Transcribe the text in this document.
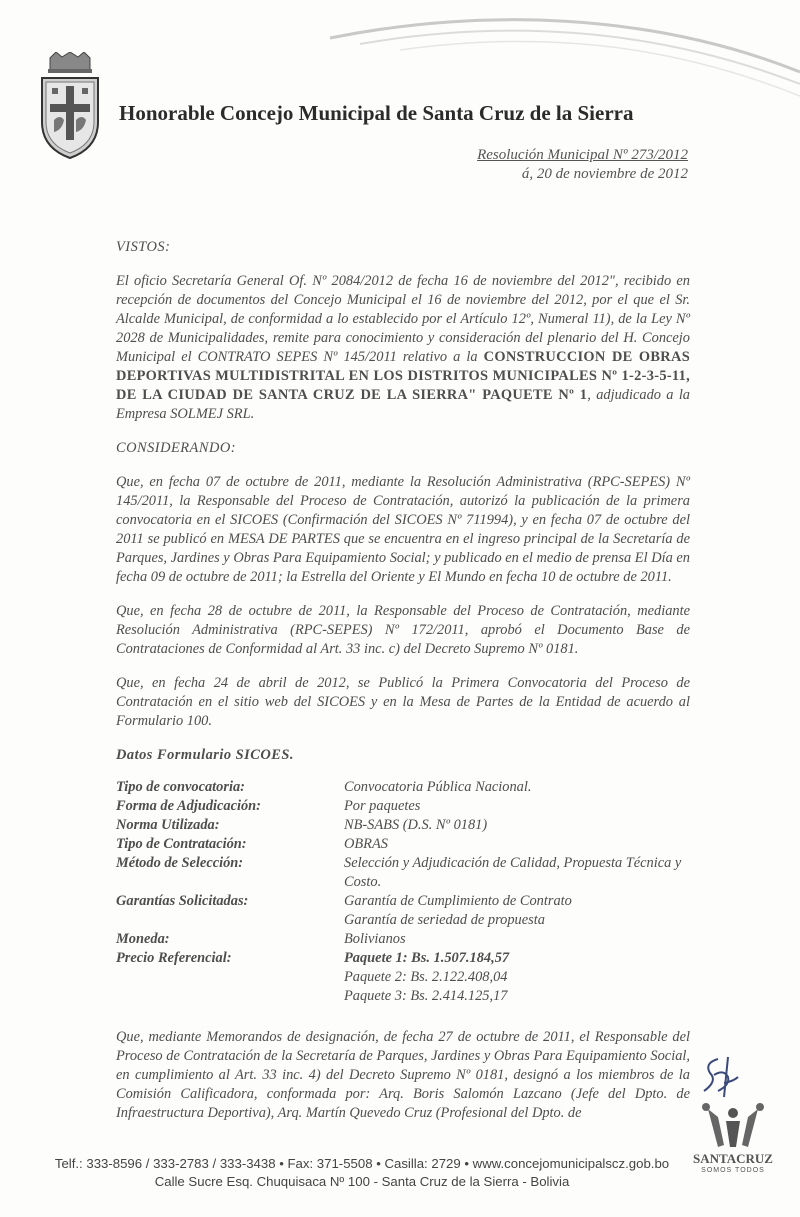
Honorable Concejo Municipal de Santa Cruz de la Sierra
Resolución Municipal Nº 273/2012
á, 20 de noviembre de 2012

VISTOS:

El oficio Secretaría General Of. Nº 2084/2012 de fecha 16 de noviembre del 2012", recibido en recepción de documentos del Concejo Municipal el 16 de noviembre del 2012, por el que el Sr. Alcalde Municipal, de conformidad a lo establecido por el Artículo 12º, Numeral 11), de la Ley Nº 2028 de Municipalidades, remite para conocimiento y consideración del plenario del H. Concejo Municipal el CONTRATO SEPES Nº 145/2011 relativo a la CONSTRUCCION DE OBRAS DEPORTIVAS MULTIDISTRITAL EN LOS DISTRITOS MUNICIPALES Nº 1-2-3-5-11, DE LA CIUDAD DE SANTA CRUZ DE LA SIERRA" PAQUETE Nº 1, adjudicado a la Empresa SOLMEJ SRL.

CONSIDERANDO:

Que, en fecha 07 de octubre de 2011, mediante la Resolución Administrativa (RPC-SEPES) Nº 145/2011, la Responsable del Proceso de Contratación, autorizó la publicación de la primera convocatoria en el SICOES (Confirmación del SICOES Nº 711994), y en fecha 07 de octubre del 2011 se publicó en MESA DE PARTES que se encuentra en el ingreso principal de la Secretaría de Parques, Jardines y Obras Para Equipamiento Social; y publicado en el medio de prensa El Día en fecha 09 de octubre de 2011; la Estrella del Oriente y El Mundo en fecha 10 de octubre de 2011.

Que, en fecha 28 de octubre de 2011, la Responsable del Proceso de Contratación, mediante Resolución Administrativa (RPC-SEPES) Nº 172/2011, aprobó el Documento Base de Contrataciones de Conformidad al Art. 33 inc. c) del Decreto Supremo Nº 0181.

Que, en fecha 24 de abril de 2012, se Publicó la Primera Convocatoria del Proceso de Contratación en el sitio web del SICOES y en la Mesa de Partes de la Entidad de acuerdo al Formulario 100.

Datos Formulario SICOES.

Tipo de convocatoria:	Convocatoria Pública Nacional.
Forma de Adjudicación:	Por paquetes
Norma Utilizada:	NB-SABS (D.S. Nº 0181)
Tipo de Contratación:	OBRAS
Método de Selección:	Selección y Adjudicación de Calidad, Propuesta Técnica y Costo.
Garantías Solicitadas:	Garantía de Cumplimiento de Contrato
Garantía de seriedad de propuesta
Moneda:	Bolivianos
Precio Referencial:	Paquete 1: Bs. 1.507.184,57
Paquete 2: Bs. 2.122.408,04
Paquete 3: Bs. 2.414.125,17

Que, mediante Memorandos de designación, de fecha 27 de octubre de 2011, el Responsable del Proceso de Contratación de la Secretaría de Parques, Jardines y Obras Para Equipamiento Social, en cumplimiento al Art. 33 inc. 4) del Decreto Supremo Nº 0181, designó a los miembros de la Comisión Calificadora, conformada por: Arq. Boris Salomón Lazcano (Jefe del Dpto. de Infraestructura Deportiva), Arq. Martín Quevedo Cruz (Profesional del Dpto. de

SANTACRUZ
SOMOS TODOS
Telf.: 333-8596 / 333-2783 / 333-3438 • Fax: 371-5508 • Casilla: 2729 • www.concejomunicipalscz.gob.bo
Calle Sucre Esq. Chuquisaca Nº 100 - Santa Cruz de la Sierra - Bolivia
